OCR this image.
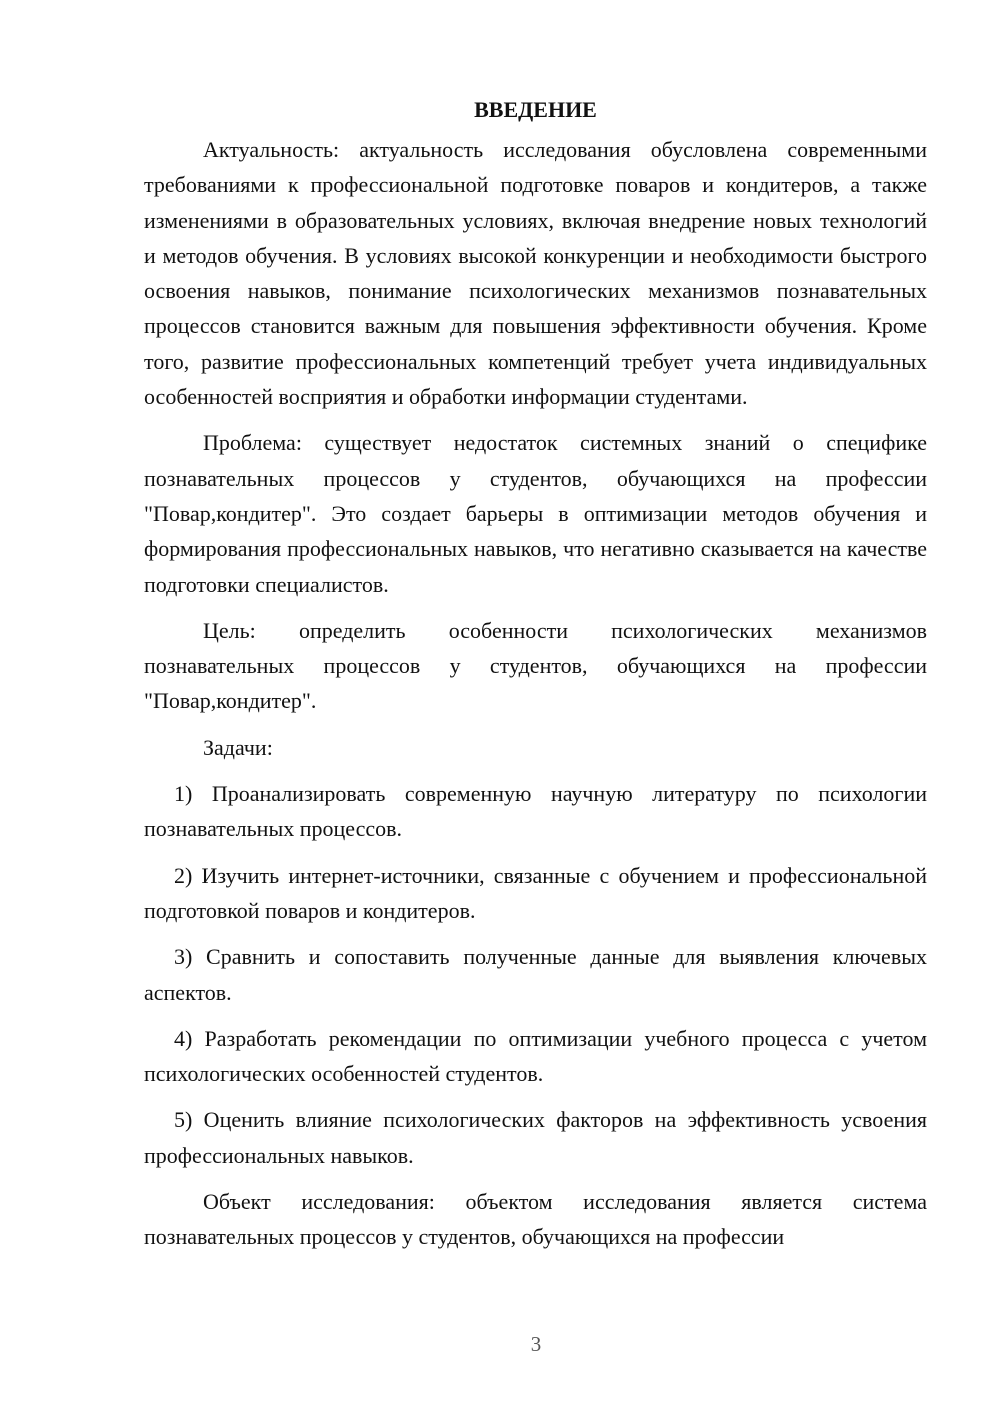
ВВЕДЕНИЕ

Актуальность: актуальность исследования обусловлена современными требованиями к профессиональной подготовке поваров и кондитеров, а также изменениями в образовательных условиях, включая внедрение новых технологий и методов обучения. В условиях высокой конкуренции и необходимости быстрого освоения навыков, понимание психологических механизмов познавательных процессов становится важным для повышения эффективности обучения. Кроме того, развитие профессиональных компетенций требует учета индивидуальных особенностей восприятия и обработки информации студентами.

Проблема: существует недостаток системных знаний о специфике познавательных процессов у студентов, обучающихся на профессии "Повар,кондитер". Это создает барьеры в оптимизации методов обучения и формирования профессиональных навыков, что негативно сказывается на качестве подготовки специалистов.

Цель: определить особенности психологических механизмов познавательных процессов у студентов, обучающихся на профессии "Повар,кондитер".

Задачи:

1) Проанализировать современную научную литературу по психологии познавательных процессов.

2) Изучить интернет-источники, связанные с обучением и профессиональной подготовкой поваров и кондитеров.

3) Сравнить и сопоставить полученные данные для выявления ключевых аспектов.

4) Разработать рекомендации по оптимизации учебного процесса с учетом психологических особенностей студентов.

5) Оценить влияние психологических факторов на эффективность усвоения профессиональных навыков.

Объект исследования: объектом исследования является система познавательных процессов у студентов, обучающихся на профессии

3
